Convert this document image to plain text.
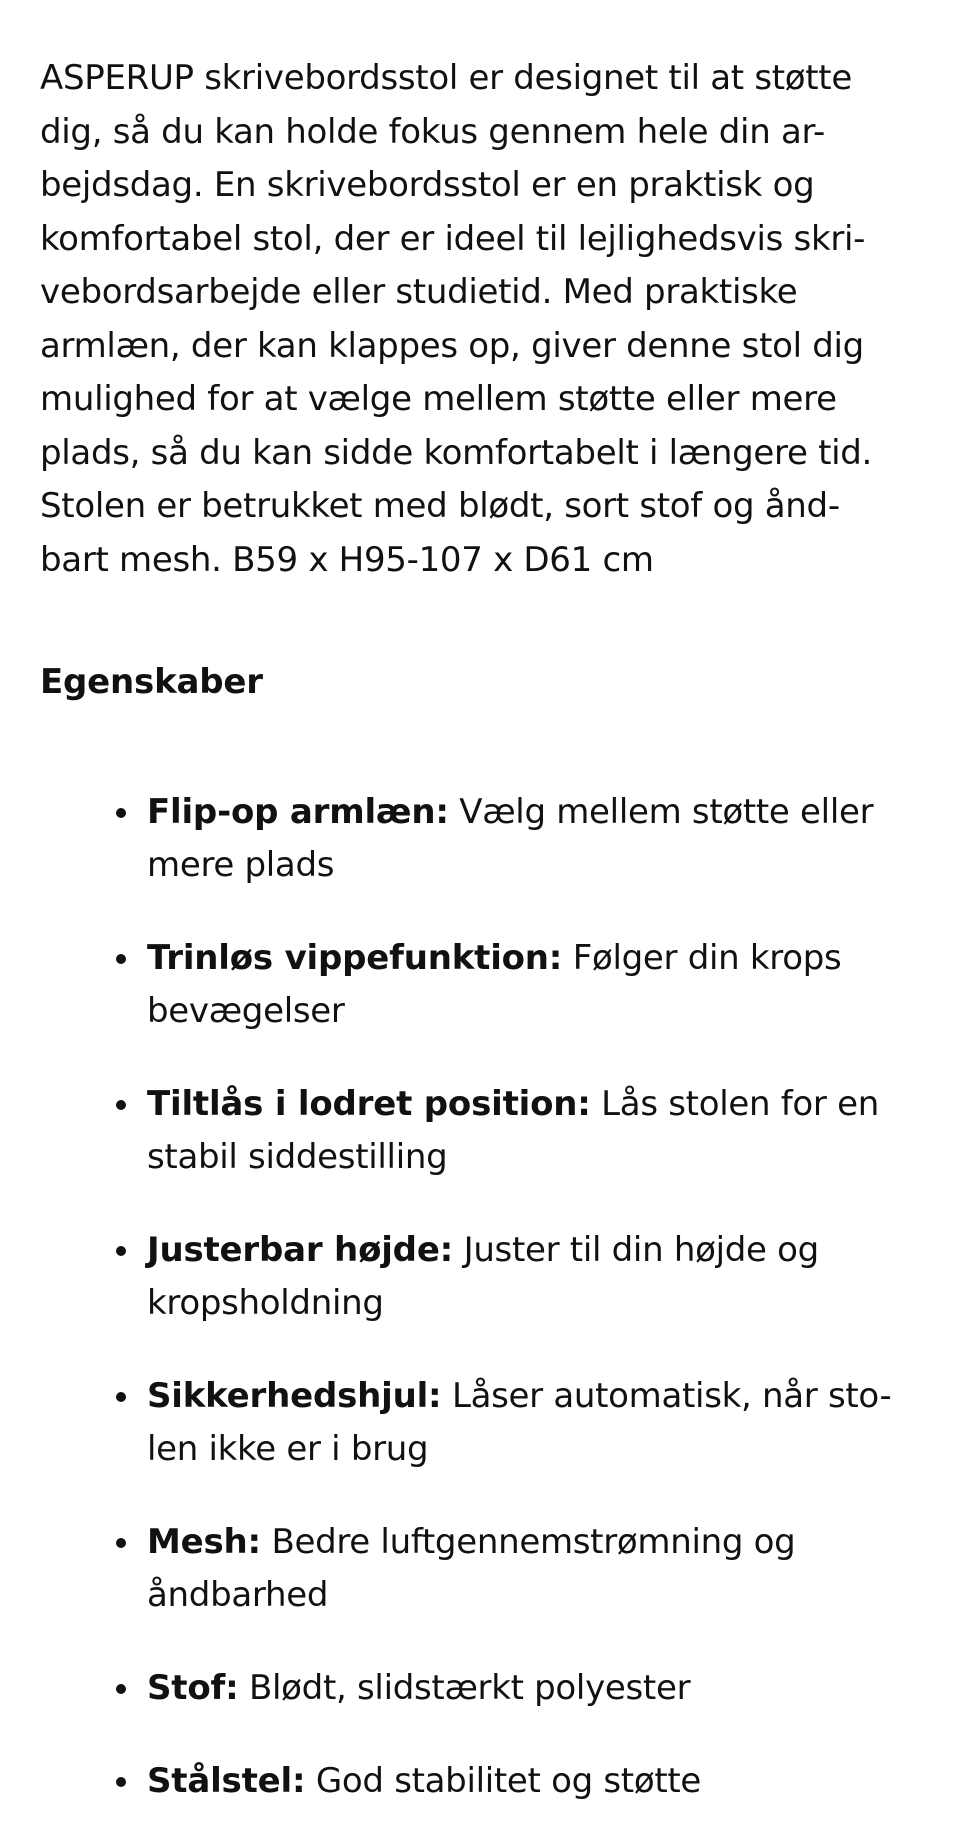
ASPERUP skrivebordsstol er designet til at støtte
dig, så du kan holde fokus gennem hele din ar-
bejdsdag. En skrivebordsstol er en praktisk og
komfortabel stol, der er ideel til lejlighedsvis skri-
vebordsarbejde eller studietid. Med praktiske
armlæn, der kan klappes op, giver denne stol dig
mulighed for at vælge mellem støtte eller mere
plads, så du kan sidde komfortabelt i længere tid.
Stolen er betrukket med blødt, sort stof og ånd-
bart mesh. B59 x H95-107 x D61 cm
Egenskaber
Flip-op armlæn: Vælg mellem støtte eller
mere plads
Trinløs vippefunktion: Følger din krops
bevægelser
Tiltlås i lodret position: Lås stolen for en
stabil siddestilling
Justerbar højde: Juster til din højde og
kropsholdning
Sikkerhedshjul: Låser automatisk, når sto-
len ikke er i brug
Mesh: Bedre luftgennemstrømning og
åndbarhed
Stof: Blødt, slidstærkt polyester
Stålstel: God stabilitet og støtte
